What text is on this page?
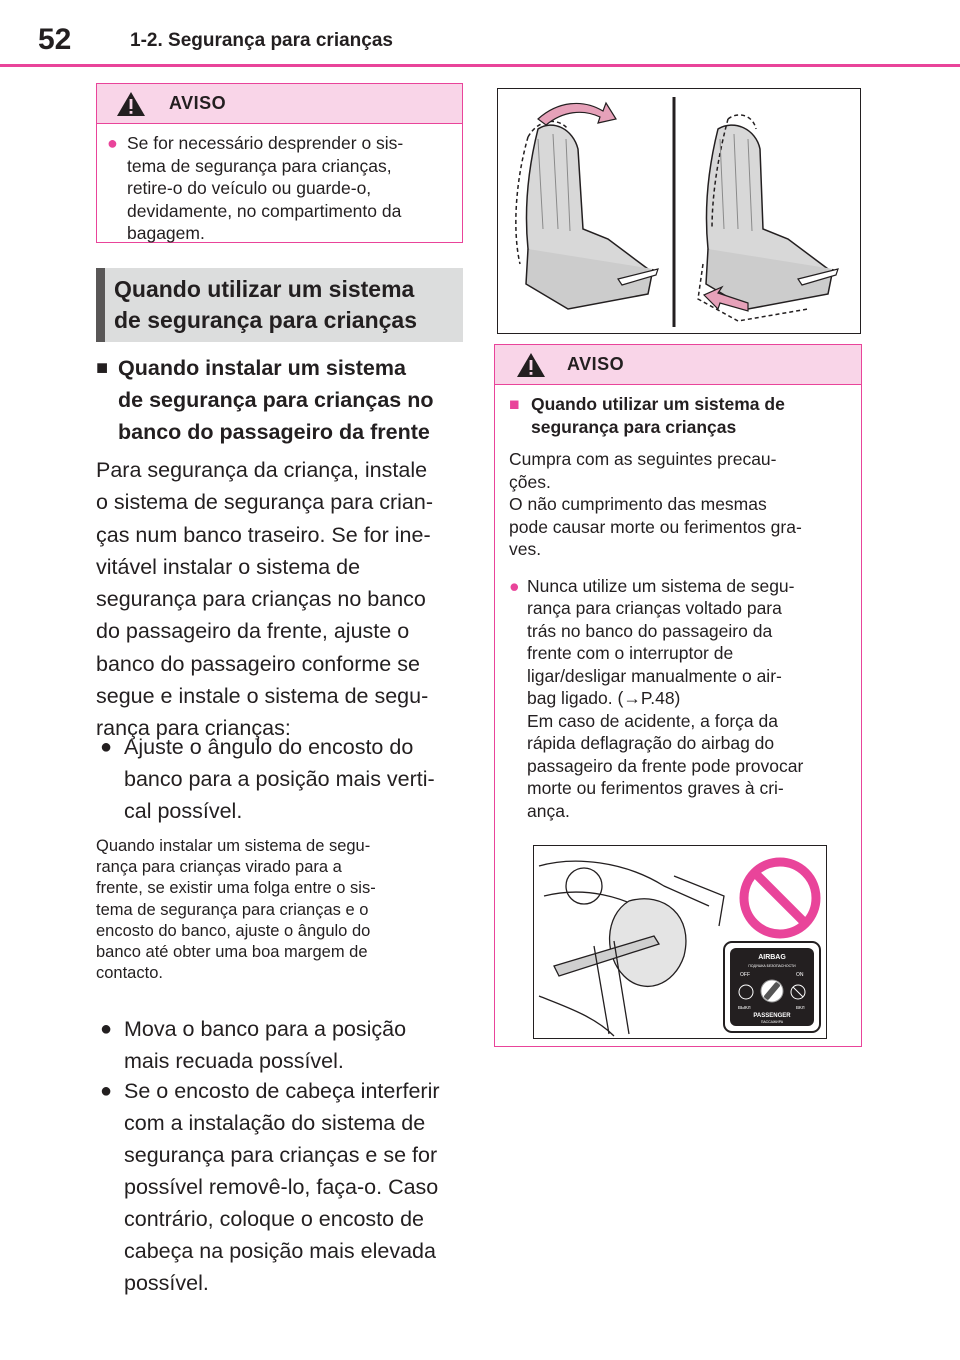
52	1-2. Segurança para crianças
AVISO
● Se for necessário desprender o sis-
tema de segurança para crianças,
retire-o do veículo ou guarde-o,
devidamente, no compartimento da
bagagem.
Quando utilizar um sistema
de segurança para crianças
■ Quando instalar um sistema
de segurança para crianças no
banco do passageiro da frente
Para segurança da criança, instale
o sistema de segurança para crian-
ças num banco traseiro. Se for ine-
vitável instalar o sistema de
segurança para crianças no banco
do passageiro da frente, ajuste o
banco do passageiro conforme se
segue e instale o sistema de segu-
rança para crianças:
● Ajuste o ângulo do encosto do
banco para a posição mais verti-
cal possível.
Quando instalar um sistema de segu-
rança para crianças virado para a
frente, se existir uma folga entre o sis-
tema de segurança para crianças e o
encosto do banco, ajuste o ângulo do
banco até obter uma boa margem de
contacto.
● Mova o banco para a posição
mais recuada possível.
● Se o encosto de cabeça interferir
com a instalação do sistema de
segurança para crianças e se for
possível removê-lo, faça-o. Caso
contrário, coloque o encosto de
cabeça na posição mais elevada
possível.
AVISO
■ Quando utilizar um sistema de
segurança para crianças
Cumpra com as seguintes precau-
ções.
O não cumprimento das mesmas
pode causar morte ou ferimentos gra-
ves.
● Nunca utilize um sistema de segu-
rança para crianças voltado para
trás no banco do passageiro da
frente com o interruptor de
ligar/desligar manualmente o air-
bag ligado. (→P.48)
Em caso de acidente, a força da
rápida deflagração do airbag do
passageiro da frente pode provocar
morte ou ferimentos graves à cri-
ança.
AIRBAG
ПОДУШКА БЕЗОПАСНОСТИ
OFF	ON
ВЫКЛ	ВКЛ
PASSENGER
ПАССАЖИРА
